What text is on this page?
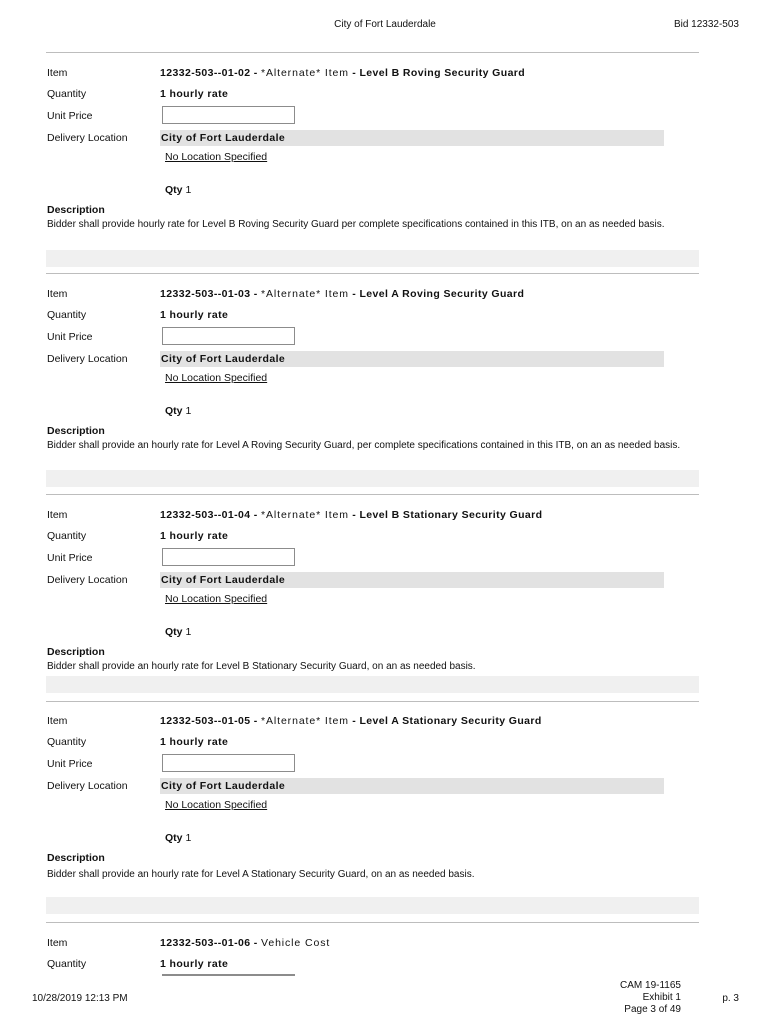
City of Fort Lauderdale	Bid 12332-503
Item	12332-503--01-02 - *Alternate* Item - Level B Roving Security Guard
Quantity	1 hourly rate
Unit Price
Delivery Location	City of Fort Lauderdale
No Location Specified
Qty 1
Description
Bidder shall provide hourly rate for Level B Roving Security Guard per complete specifications contained in this ITB, on an as needed basis.
Item	12332-503--01-03 - *Alternate* Item - Level A Roving Security Guard
Quantity	1 hourly rate
Unit Price
Delivery Location	City of Fort Lauderdale
No Location Specified
Qty 1
Description
Bidder shall provide an hourly rate for Level A Roving Security Guard, per complete specifications contained in this ITB, on an as needed basis.
Item	12332-503--01-04 - *Alternate* Item - Level B Stationary Security Guard
Quantity	1 hourly rate
Unit Price
Delivery Location	City of Fort Lauderdale
No Location Specified
Qty 1
Description
Bidder shall provide an hourly rate for Level B Stationary Security Guard, on an as needed basis.
Item	12332-503--01-05 - *Alternate* Item - Level A Stationary Security Guard
Quantity	1 hourly rate
Unit Price
Delivery Location	City of Fort Lauderdale
No Location Specified
Qty 1
Description
Bidder shall provide an hourly rate for Level A Stationary Security Guard, on an as needed basis.
Item	12332-503--01-06 - Vehicle Cost
Quantity	1 hourly rate
10/28/2019 12:13 PM
CAM 19-1165
Exhibit 1
Page 3 of 49
p. 3
